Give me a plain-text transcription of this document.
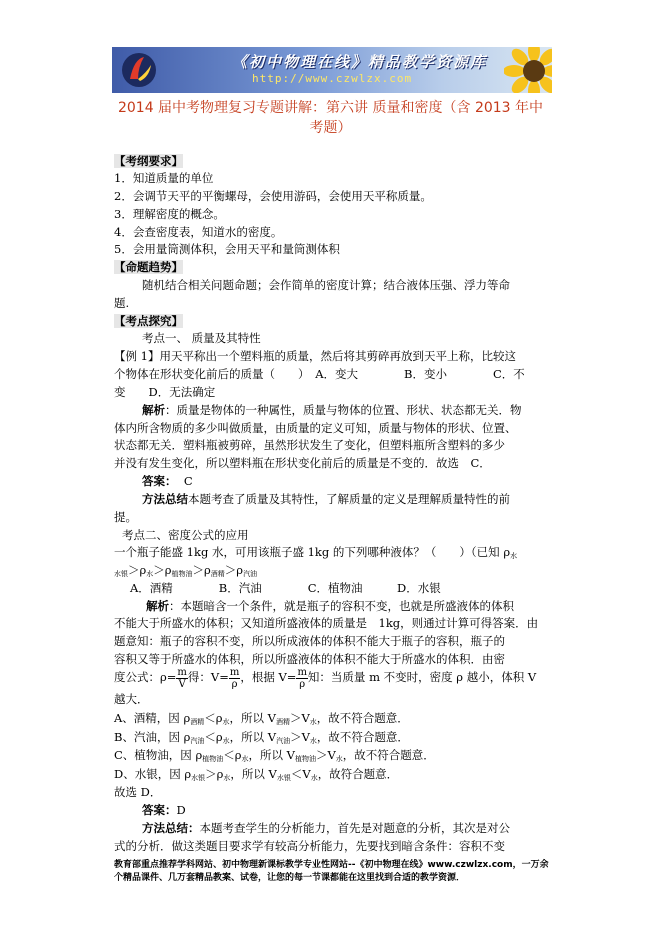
《初中物理在线》精品教学资源库
http://www.czwlzx.com
2014 届中考物理复习专题讲解：第六讲 质量和密度（含 2013 年中
考题）
【考纲要求】
1．知道质量的单位
2．会调节天平的平衡螺母，会使用游码，会使用天平称质量。
3．理解密度的概念。
4．会查密度表，知道水的密度。
5．会用量筒测体积，会用天平和量筒测体积
【命题趋势】
随机结合相关问题命题；会作简单的密度计算；结合液体压强、浮力等命
题.
【考点探究】
考点一、 质量及其特性
【例 1】用天平称出一个塑料瓶的质量，然后将其剪碎再放到天平上称，比较这
个物体在形状变化前后的质量（　　）　A．变大　　　　B．变小　　　　C．不
变　　D．无法确定
解析：质量是物体的一种属性，质量与物体的位置、形状、状态都无关．物
体内所含物质的多少叫做质量，由质量的定义可知，质量与物体的形状、位置、
状态都无关．塑料瓶被剪碎，虽然形状发生了变化，但塑料瓶所含塑料的多少
并没有发生变化，所以塑料瓶在形状变化前后的质量是不变的．故选　C．
答案： C
方法总结本题考查了质量及其特性，了解质量的定义是理解质量特性的前
提。
考点二、密度公式的应用
一个瓶子能盛 1kg 水，可用该瓶子盛 1kg 的下列哪种液体？（　　）（已知 $\rho_水$
$_{水银}>\rho_水>\rho_{植物油}>\rho_{酒精}>\rho_{汽油}$
A．酒精　　　　B．汽油　　　　C．植物油　　　D．水银
解析：本题暗含一个条件，就是瓶子的容积不变，也就是所盛液体的体积
不能大于所盛水的体积；又知道所盛液体的质量是　1kg，则通过计算可得答案．由
题意知：瓶子的容积不变，所以所成液体的体积不能大于瓶子的容积，瓶子的
容积又等于所盛水的体积，所以所盛液体的体积不能大于所盛水的体积．由密
度公式：$\rho= \frac{m}{V}$ 得：$V= \frac{m}{\rho}$ ，根据 $V= \frac{m}{\rho}$ 知：当质量 m 不变时，密度 ρ 越小，体积 V
越大．
A、酒精，因 $\rho_{酒精}<\rho_水$，所以 $V_{酒精}>V_水$，故不符合题意．
B、汽油，因 $\rho_{汽油}<\rho_水$，所以 $V_{汽油}>V_水$，故不符合题意．
C、植物油，因 $\rho_{植物油}<\rho_水$，所以 $V_{植物油}>V_水$，故不符合题意．
D、水银，因 $\rho_{水银}>\rho_水$，所以 $V_{水银}<V_水$，故符合题意．
故选 D．
答案：D
方法总结：本题考查学生的分析能力，首先是对题意的分析，其次是对公
式的分析．做这类题目要求学有较高分析能力，先要找到暗含条件：容积不变
教育部重点推荐学科网站、初中物理新课标教学专业性网站--《初中物理在线》www.czwlzx.com，一万余
个精品课件、几万套精品教案、试卷，让您的每一节课都能在这里找到合适的教学资源．
